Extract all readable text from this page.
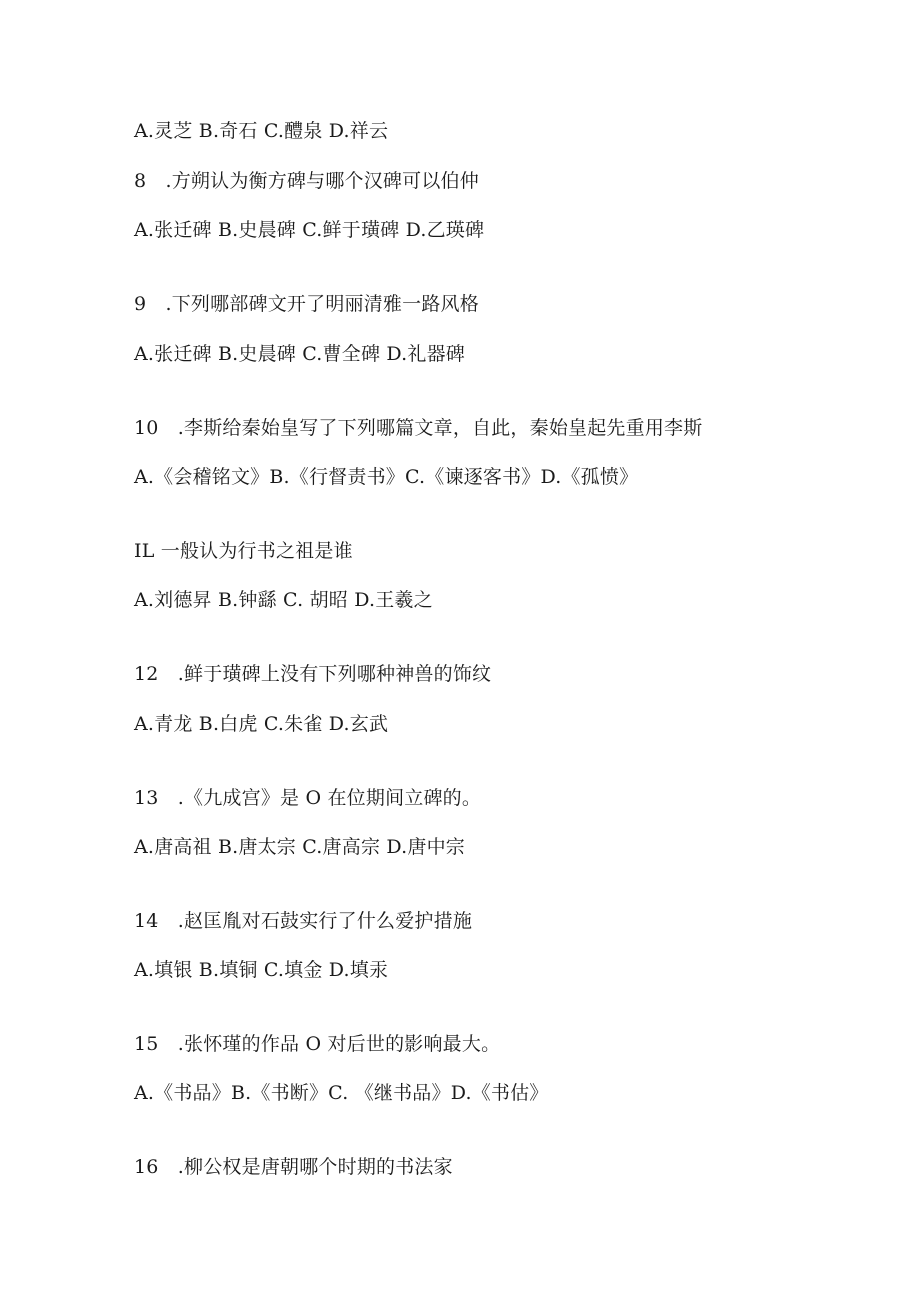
A.灵芝 B.奇石 C.醴泉 D.祥云
8　.方朔认为衡方碑与哪个汉碑可以伯仲
A.张迁碑 B.史晨碑 C.鲜于璜碑 D.乙瑛碑
9　.下列哪部碑文开了明丽清雅一路风格
A.张迁碑 B.史晨碑 C.曹全碑 D.礼器碑
10　.李斯给秦始皇写了下列哪篇文章，自此，秦始皇起先重用李斯
A.《会稽铭文》B.《行督责书》C.《谏逐客书》D.《孤愤》
IL 一般认为行书之祖是谁
A.刘德昇 B.钟繇 C. 胡昭 D.王羲之
12　.鲜于璜碑上没有下列哪种神兽的饰纹
A.青龙 B.白虎 C.朱雀 D.玄武
13　.《九成宫》是 O 在位期间立碑的。
A.唐高祖 B.唐太宗 C.唐高宗 D.唐中宗
14　.赵匡胤对石鼓实行了什么爱护措施
A.填银 B.填铜 C.填金 D.填汞
15　.张怀瑾的作品 O 对后世的影响最大。
A.《书品》B.《书断》C. 《继书品》D.《书估》
16　.柳公权是唐朝哪个时期的书法家
